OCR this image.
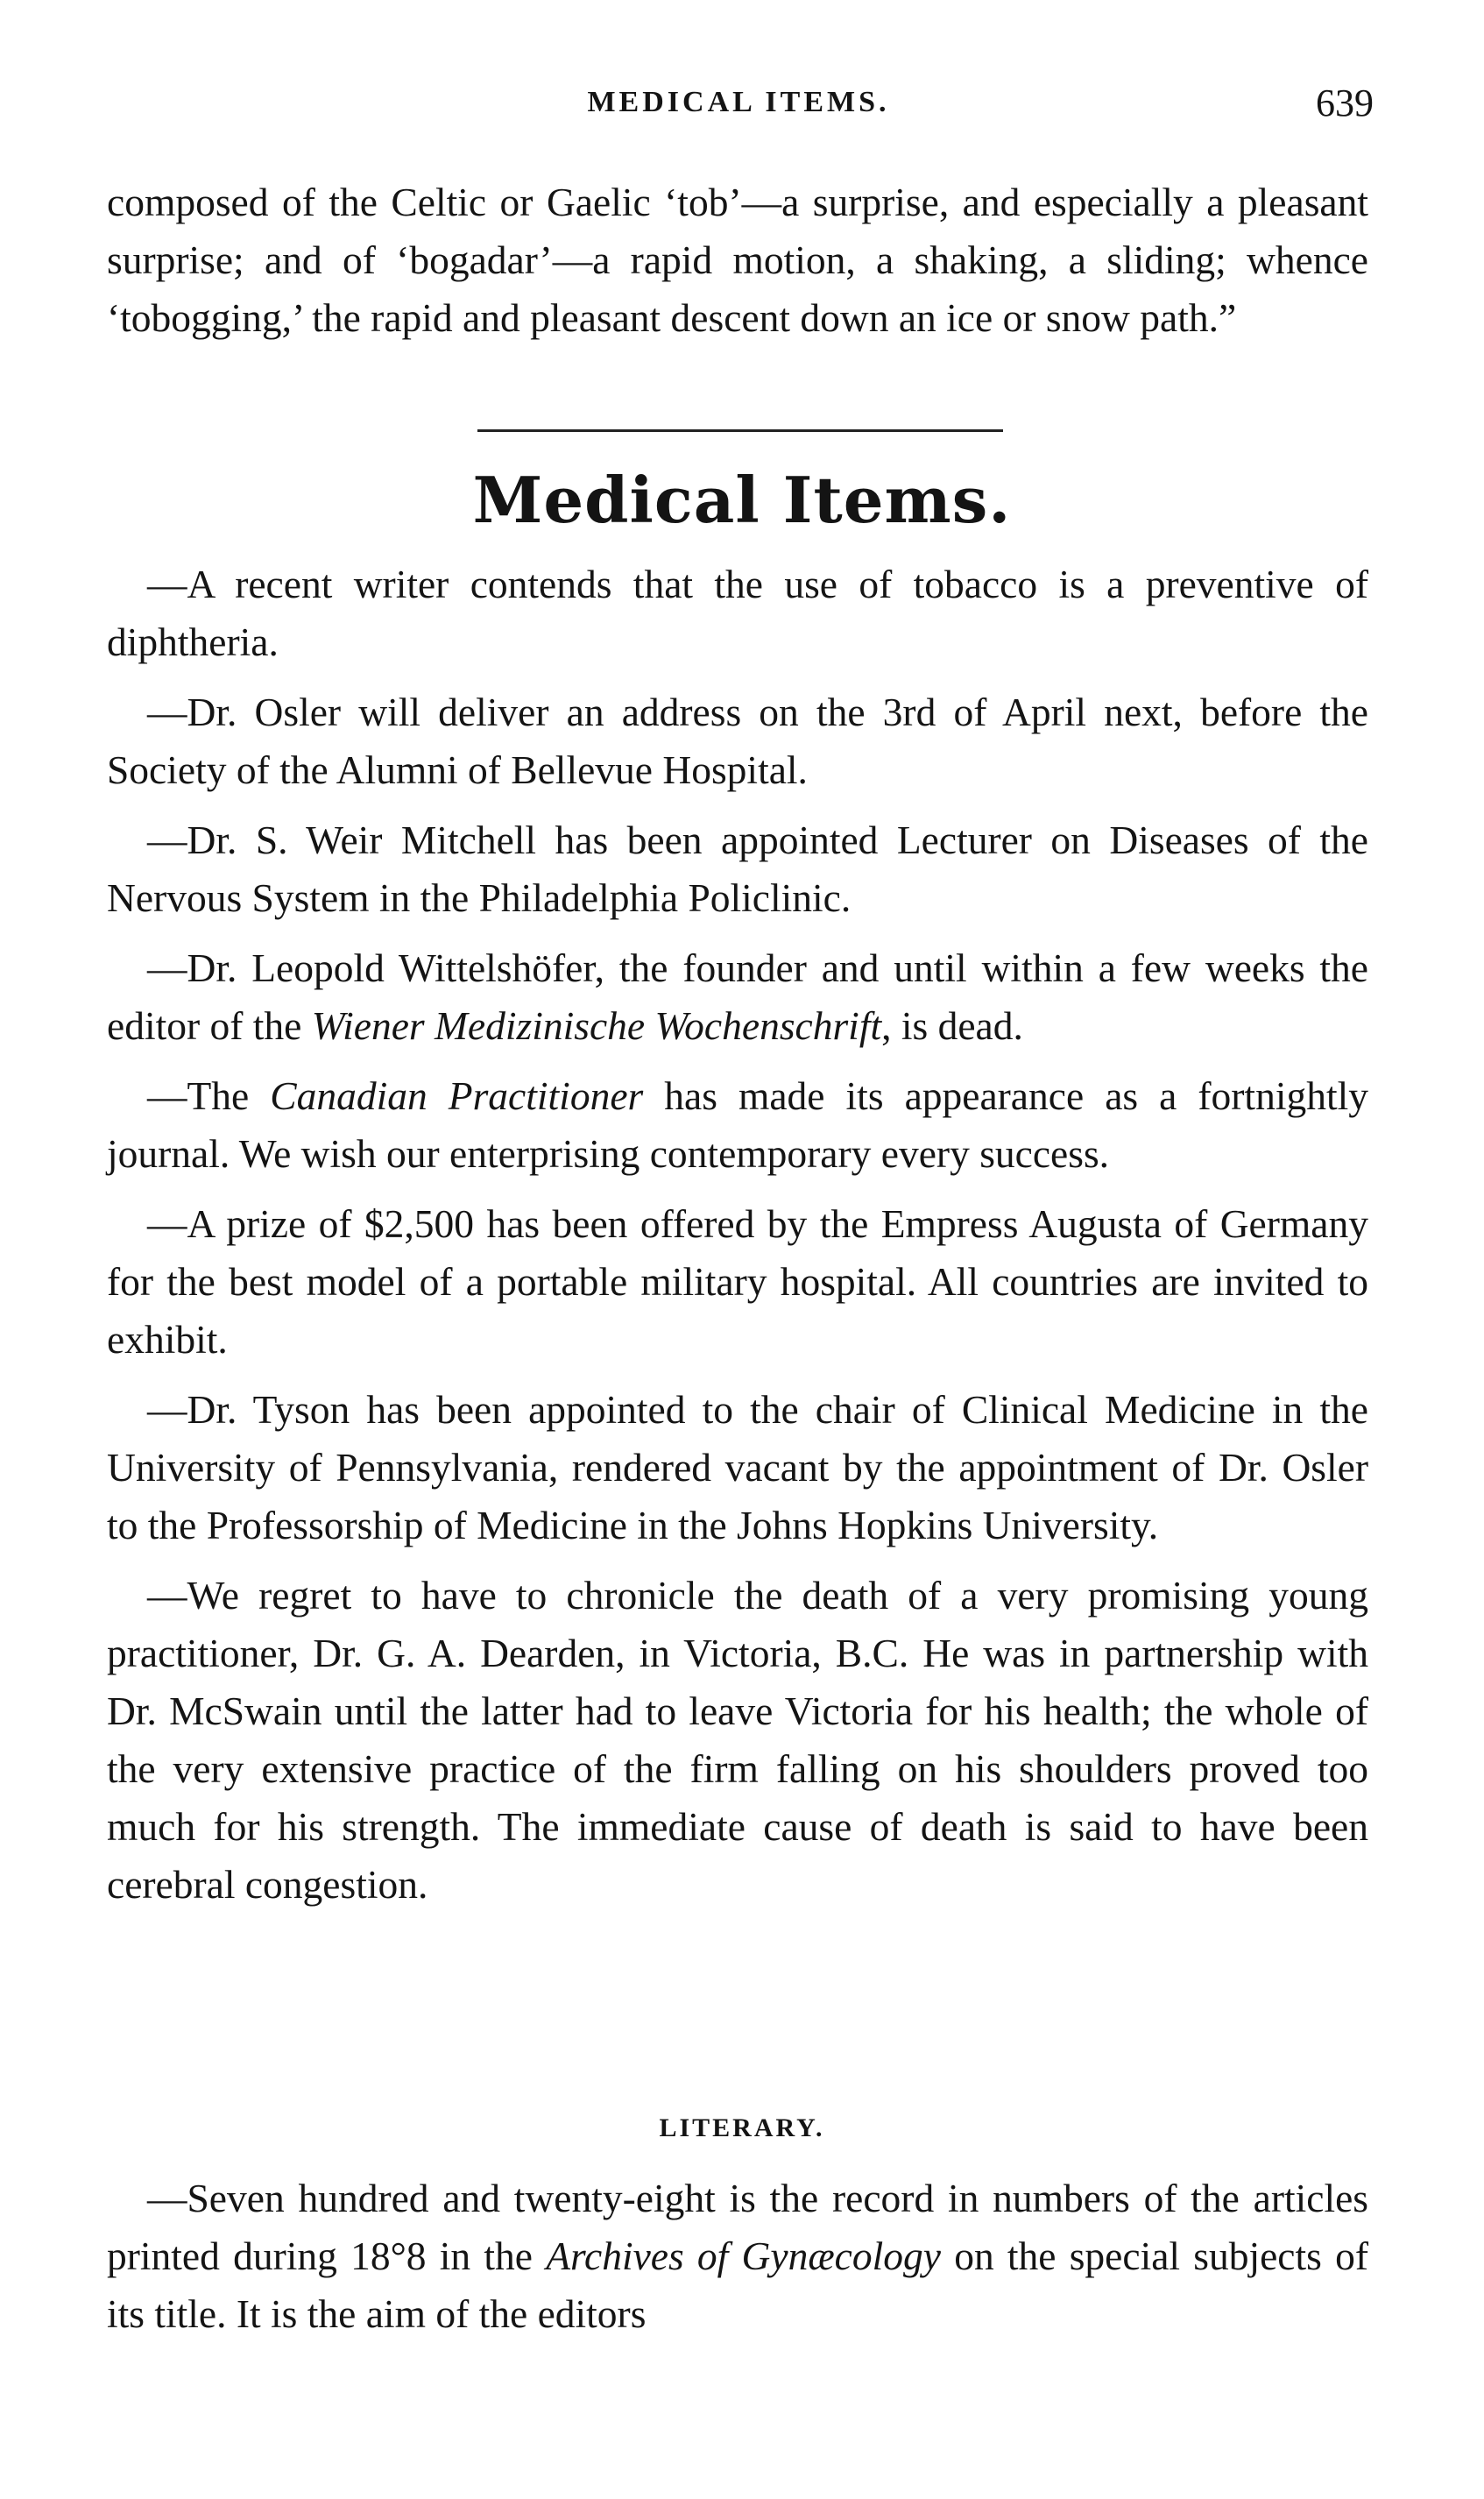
MEDICAL ITEMS.	639

composed of the Celtic or Gaelic ‘tob’—a surprise, and especially a pleasant surprise; and of ‘bogadar’—a rapid motion, a shaking, a sliding; whence ‘tobogging,’ the rapid and pleasant descent down an ice or snow path.”

Medical Items.

—A recent writer contends that the use of tobacco is a preventive of diphtheria.

—Dr. Osler will deliver an address on the 3rd of April next, before the Society of the Alumni of Bellevue Hospital.

—Dr. S. Weir Mitchell has been appointed Lecturer on Diseases of the Nervous System in the Philadelphia Policlinic.

—Dr. Leopold Wittelshöfer, the founder and until within a few weeks the editor of the Wiener Medizinische Wochenschrift, is dead.

—The Canadian Practitioner has made its appearance as a fortnightly journal. We wish our enterprising contemporary every success.

—A prize of $2,500 has been offered by the Empress Augusta of Germany for the best model of a portable military hospital. All countries are invited to exhibit.

—Dr. Tyson has been appointed to the chair of Clinical Medicine in the University of Pennsylvania, rendered vacant by the appointment of Dr. Osler to the Professorship of Medicine in the Johns Hopkins University.

—We regret to have to chronicle the death of a very promising young practitioner, Dr. G. A. Dearden, in Victoria, B.C. He was in partnership with Dr. McSwain until the latter had to leave Victoria for his health; the whole of the very extensive practice of the firm falling on his shoulders proved too much for his strength. The immediate cause of death is said to have been cerebral congestion.

LITERARY.

—Seven hundred and twenty-eight is the record in numbers of the articles printed during 18°8 in the Archives of Gynæcology on the special subjects of its title. It is the aim of the editors
